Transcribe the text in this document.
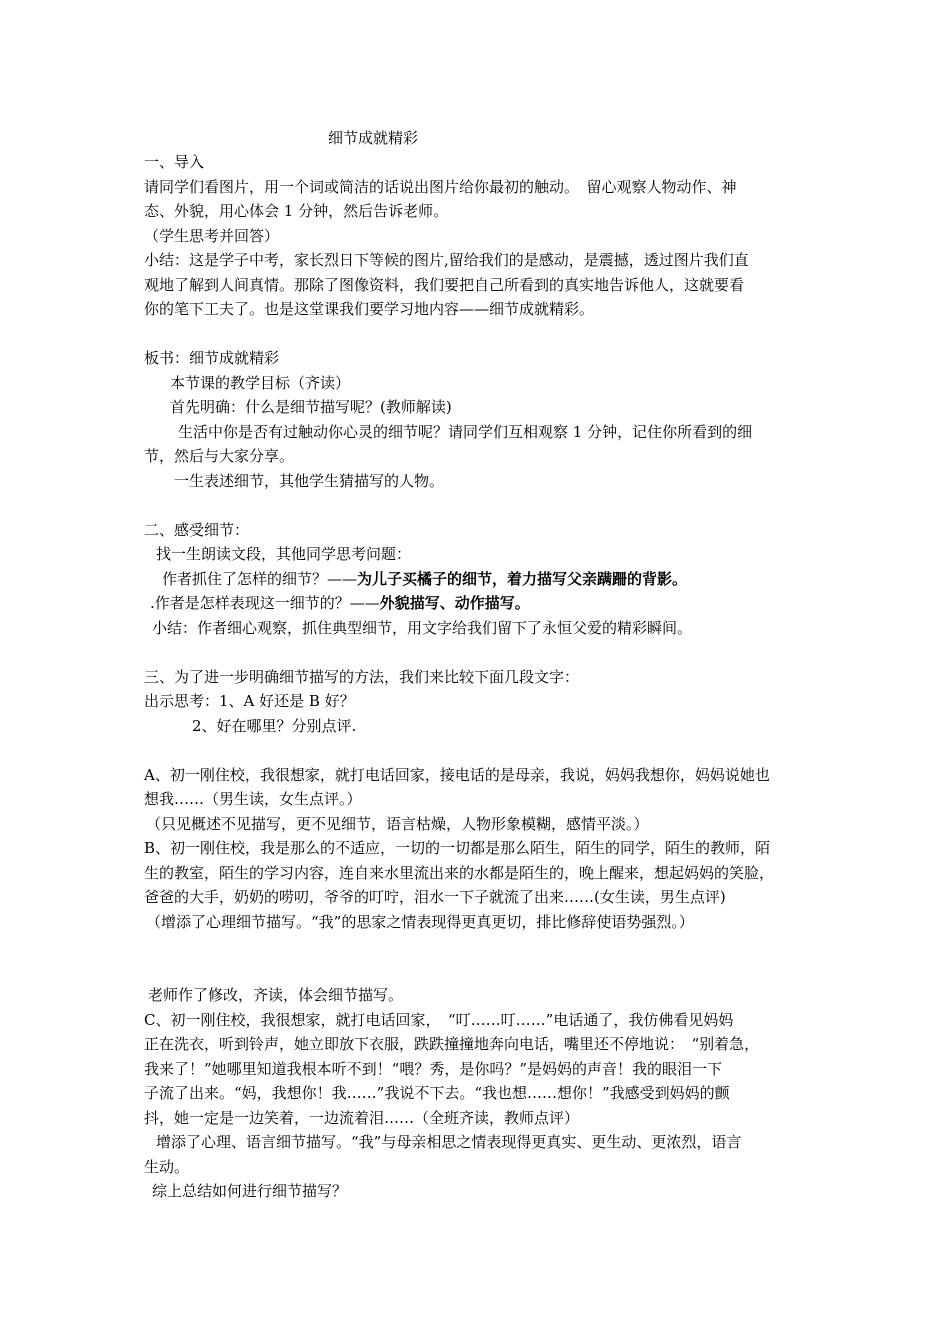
细节成就精彩
一、导入
请同学们看图片，用一个词或简洁的话说出图片给你最初的触动。　留心观察人物动作、神
态、外貌，用心体会 1 分钟，然后告诉老师。
（学生思考并回答）
小结：这是学子中考，家长烈日下等候的图片,留给我们的是感动，是震撼，透过图片我们直
观地了解到人间真情。那除了图像资料，我们要把自己所看到的真实地告诉他人，这就要看
你的笔下工夫了。也是这堂课我们要学习地内容——细节成就精彩。
板书：细节成就精彩
本节课的教学目标（齐读）
首先明确：什么是细节描写呢？(教师解读)
生活中你是否有过触动你心灵的细节呢？请同学们互相观察 1 分钟，记住你所看到的细
节，然后与大家分享。
一生表述细节，其他学生猜描写的人物。
二、感受细节：
找一生朗读文段，其他同学思考问题：
作者抓住了怎样的细节？——为儿子买橘子的细节，着力描写父亲蹒跚的背影。
.作者是怎样表现这一细节的？——外貌描写、动作描写。
小结：作者细心观察，抓住典型细节，用文字给我们留下了永恒父爱的精彩瞬间。
三、为了进一步明确细节描写的方法，我们来比较下面几段文字：
出示思考：1、A 好还是 B 好？
2、好在哪里？分别点评.
A、初一刚住校，我很想家，就打电话回家，接电话的是母亲，我说，妈妈我想你，妈妈说她也
想我……（男生读，女生点评。）
（只见概述不见描写，更不见细节，语言枯燥，人物形象模糊，感情平淡。）
B、初一刚住校，我是那么的不适应，一切的一切都是那么陌生，陌生的同学，陌生的教师，陌
生的教室，陌生的学习内容，连自来水里流出来的水都是陌生的，晚上醒来，想起妈妈的笑脸，
爸爸的大手，奶奶的唠叨，爷爷的叮咛，泪水一下子就流了出来……(女生读，男生点评)
（增添了心理细节描写。“我”的思家之情表现得更真更切，排比修辞使语势强烈。）
老师作了修改，齐读，体会细节描写。
C、初一刚住校，我很想家，就打电话回家，　“叮……叮……”电话通了，我仿佛看见妈妈
正在洗衣，听到铃声，她立即放下衣服，跌跌撞撞地奔向电话，嘴里还不停地说：　“别着急，
我来了！”她哪里知道我根本听不到！“喂？秀，是你吗？”是妈妈的声音！我的眼泪一下
子流了出来。“妈，我想你！我……”我说不下去。“我也想……想你！”我感受到妈妈的颤
抖，她一定是一边笑着，一边流着泪……（全班齐读，教师点评）
增添了心理、语言细节描写。“我”与母亲相思之情表现得更真实、更生动、更浓烈，语言
生动。
综上总结如何进行细节描写？
